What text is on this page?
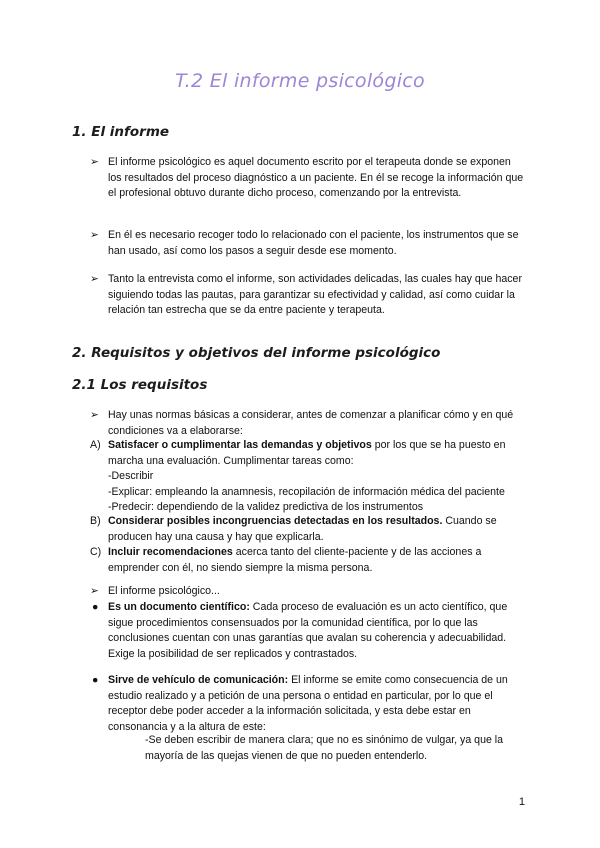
T.2 El informe psicológico
1. El informe
➢ El informe psicológico es aquel documento escrito por el terapeuta donde se exponen los resultados del proceso diagnóstico a un paciente. En él se recoge la información que el profesional obtuvo durante dicho proceso, comenzando por la entrevista.
➢ En él es necesario recoger todo lo relacionado con el paciente, los instrumentos que se han usado, así como los pasos a seguir desde ese momento.
➢ Tanto la entrevista como el informe, son actividades delicadas, las cuales hay que hacer siguiendo todas las pautas, para garantizar su efectividad y calidad, así como cuidar la relación tan estrecha que se da entre paciente y terapeuta.
2. Requisitos y objetivos del informe psicológico
2.1 Los requisitos
➢ Hay unas normas básicas a considerar, antes de comenzar a planificar cómo y en qué condiciones va a elaborarse:
A) Satisfacer o cumplimentar las demandas y objetivos por los que se ha puesto en marcha una evaluación. Cumplimentar tareas como:
-Describir
-Explicar: empleando la anamnesis, recopilación de información médica del paciente
-Predecir: dependiendo de la validez predictiva de los instrumentos
B) Considerar posibles incongruencias detectadas en los resultados. Cuando se producen hay una causa y hay que explicarla.
C) Incluir recomendaciones acerca tanto del cliente-paciente y de las acciones a emprender con él, no siendo siempre la misma persona.
➢ El informe psicológico...
● Es un documento científico: Cada proceso de evaluación es un acto científico, que sigue procedimientos consensuados por la comunidad científica, por lo que las conclusiones cuentan con unas garantías que avalan su coherencia y adecuabilidad. Exige la posibilidad de ser replicados y contrastados.
● Sirve de vehículo de comunicación: El informe se emite como consecuencia de un estudio realizado y a petición de una persona o entidad en particular, por lo que el receptor debe poder acceder a la información solicitada, y esta debe estar en consonancia y a la altura de este:
-Se deben escribir de manera clara; que no es sinónimo de vulgar, ya que la mayoría de las quejas vienen de que no pueden entenderlo.
1
